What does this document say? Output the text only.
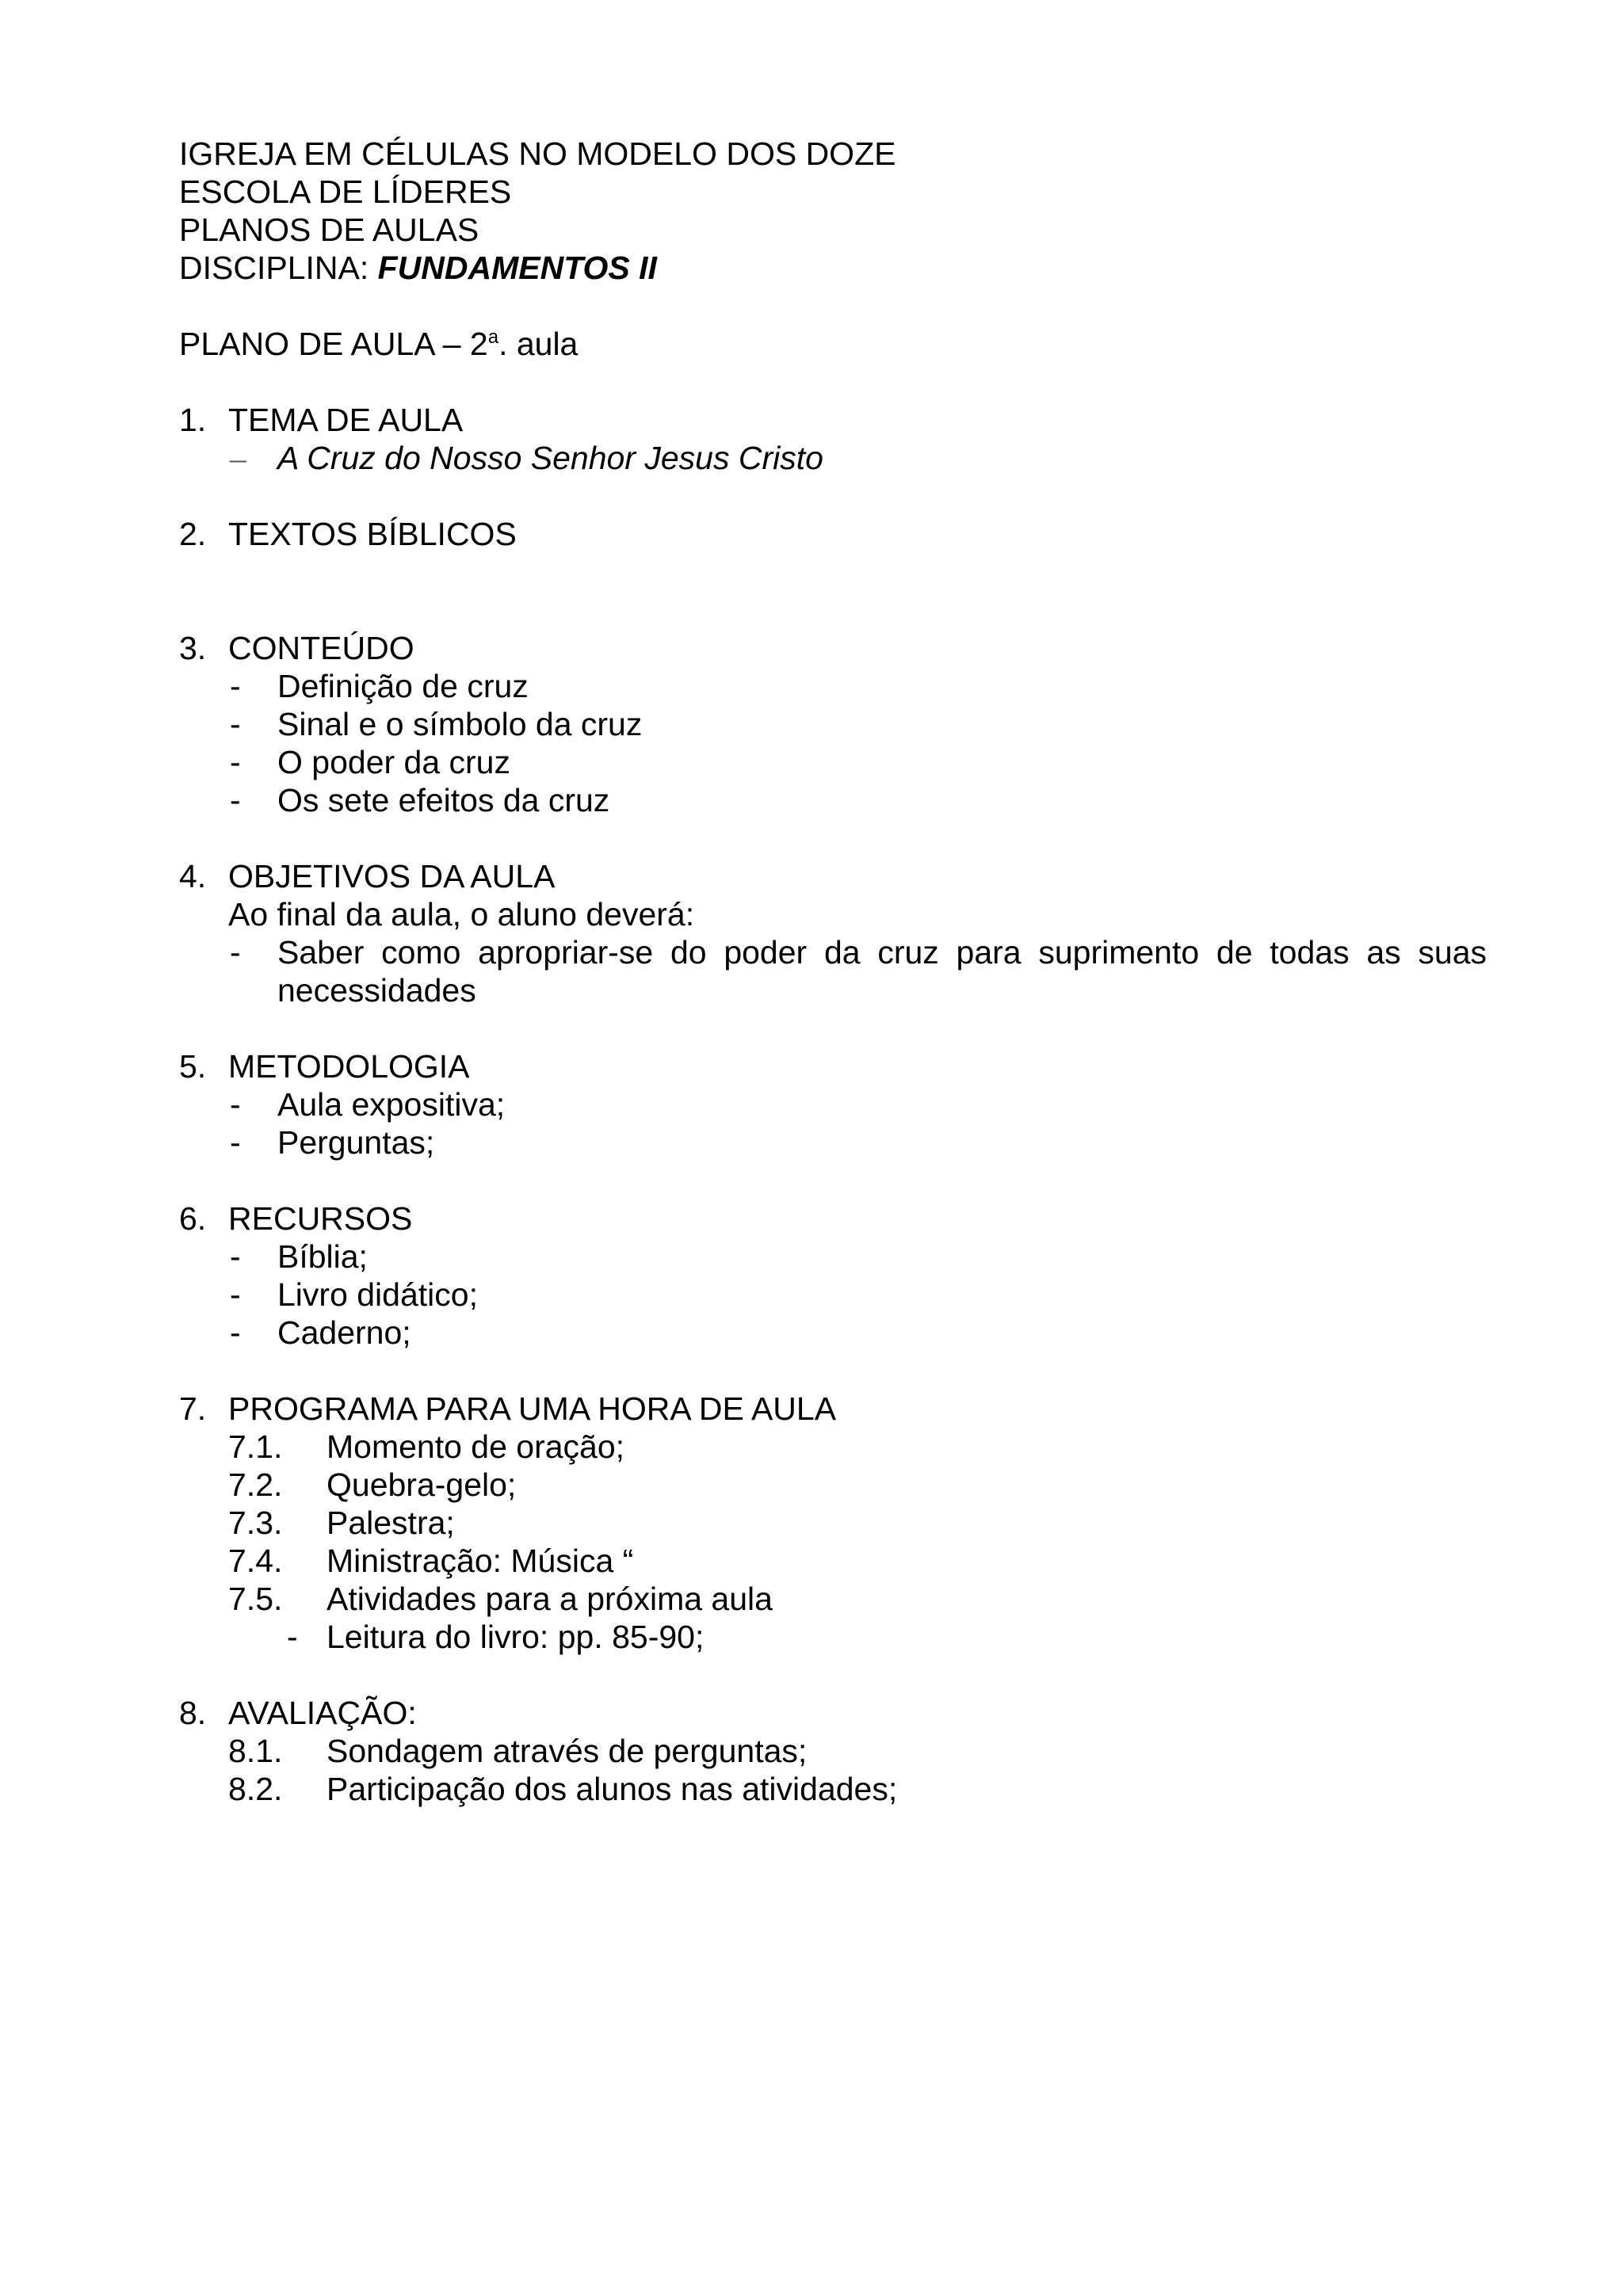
IGREJA EM CÉLULAS NO MODELO DOS DOZE
ESCOLA DE LÍDERES
PLANOS DE AULAS
DISCIPLINA: FUNDAMENTOS II
PLANO DE AULA – 2$^a$. aula
1. TEMA DE AULA
– A Cruz do Nosso Senhor Jesus Cristo
2. TEXTOS BÍBLICOS
3. CONTEÚDO
-	Definição de cruz
-	Sinal e o símbolo da cruz
-	O poder da cruz
-	Os sete efeitos da cruz
4. OBJETIVOS DA AULA
Ao final da aula, o aluno deverá:
-	Saber como apropriar-se do poder da cruz para suprimento de todas as suas necessidades
5. METODOLOGIA
-	Aula expositiva;
-	Perguntas;
6. RECURSOS
-	Bíblia;
-	Livro didático;
-	Caderno;
7. PROGRAMA PARA UMA HORA DE AULA
7.1.	Momento de oração;
7.2.	Quebra-gelo;
7.3.	Palestra;
7.4.	Ministração: Música “
7.5.	Atividades para a próxima aula
- Leitura do livro: pp. 85-90;
8. AVALIAÇÃO:
8.1.	Sondagem através de perguntas;
8.2.	Participação dos alunos nas atividades;
